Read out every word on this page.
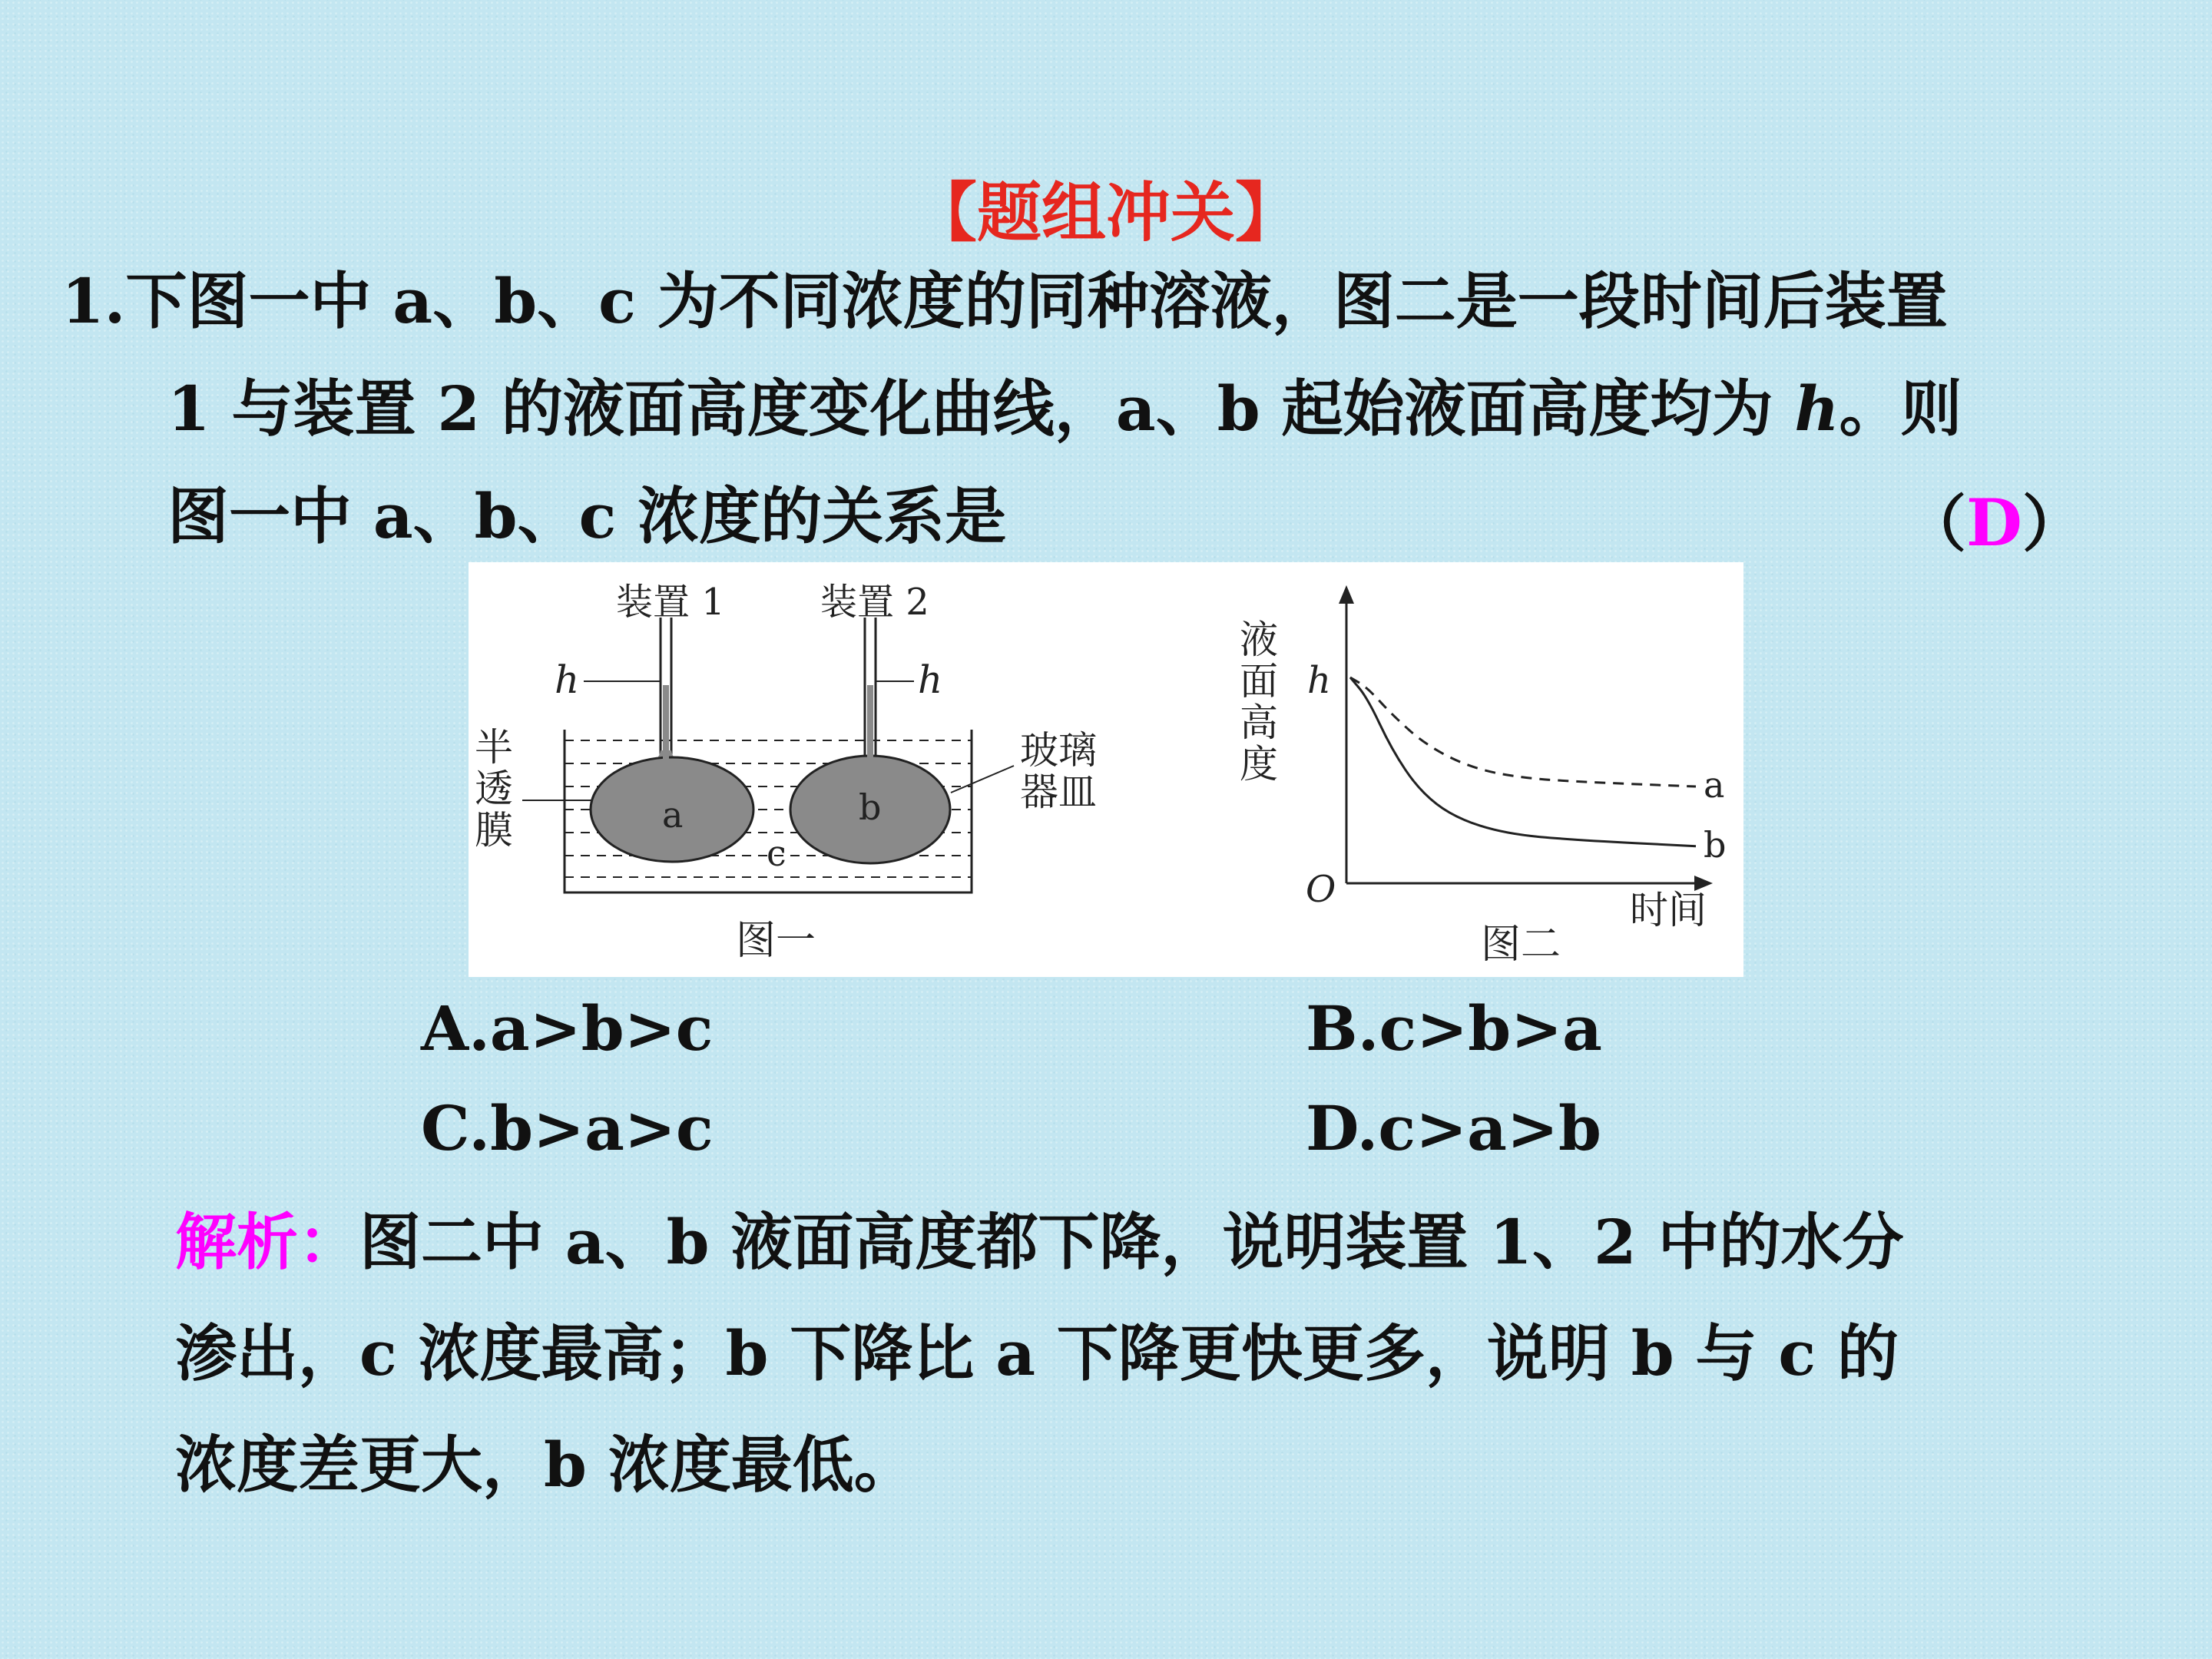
【题组冲关】
1.下图一中 a、b、c 为不同浓度的同种溶液，图二是一段时间后装置
1 与装置 2 的液面高度变化曲线，a、b 起始液面高度均为 h。则
图一中 a、b、c 浓度的关系是	（D）
装置 1	装置 2
h	h
半
透
膜
玻璃
器皿
a	b
c
图一
液
面
高
度
h
O	时间
图二
a
b
A.a>b>c	B.c>b>a
C.b>a>c	D.c>a>b
解析：图二中 a、b 液面高度都下降，说明装置 1、2 中的水分
渗出，c 浓度最高；b 下降比 a 下降更快更多，说明 b 与 c 的
浓度差更大，b 浓度最低。
